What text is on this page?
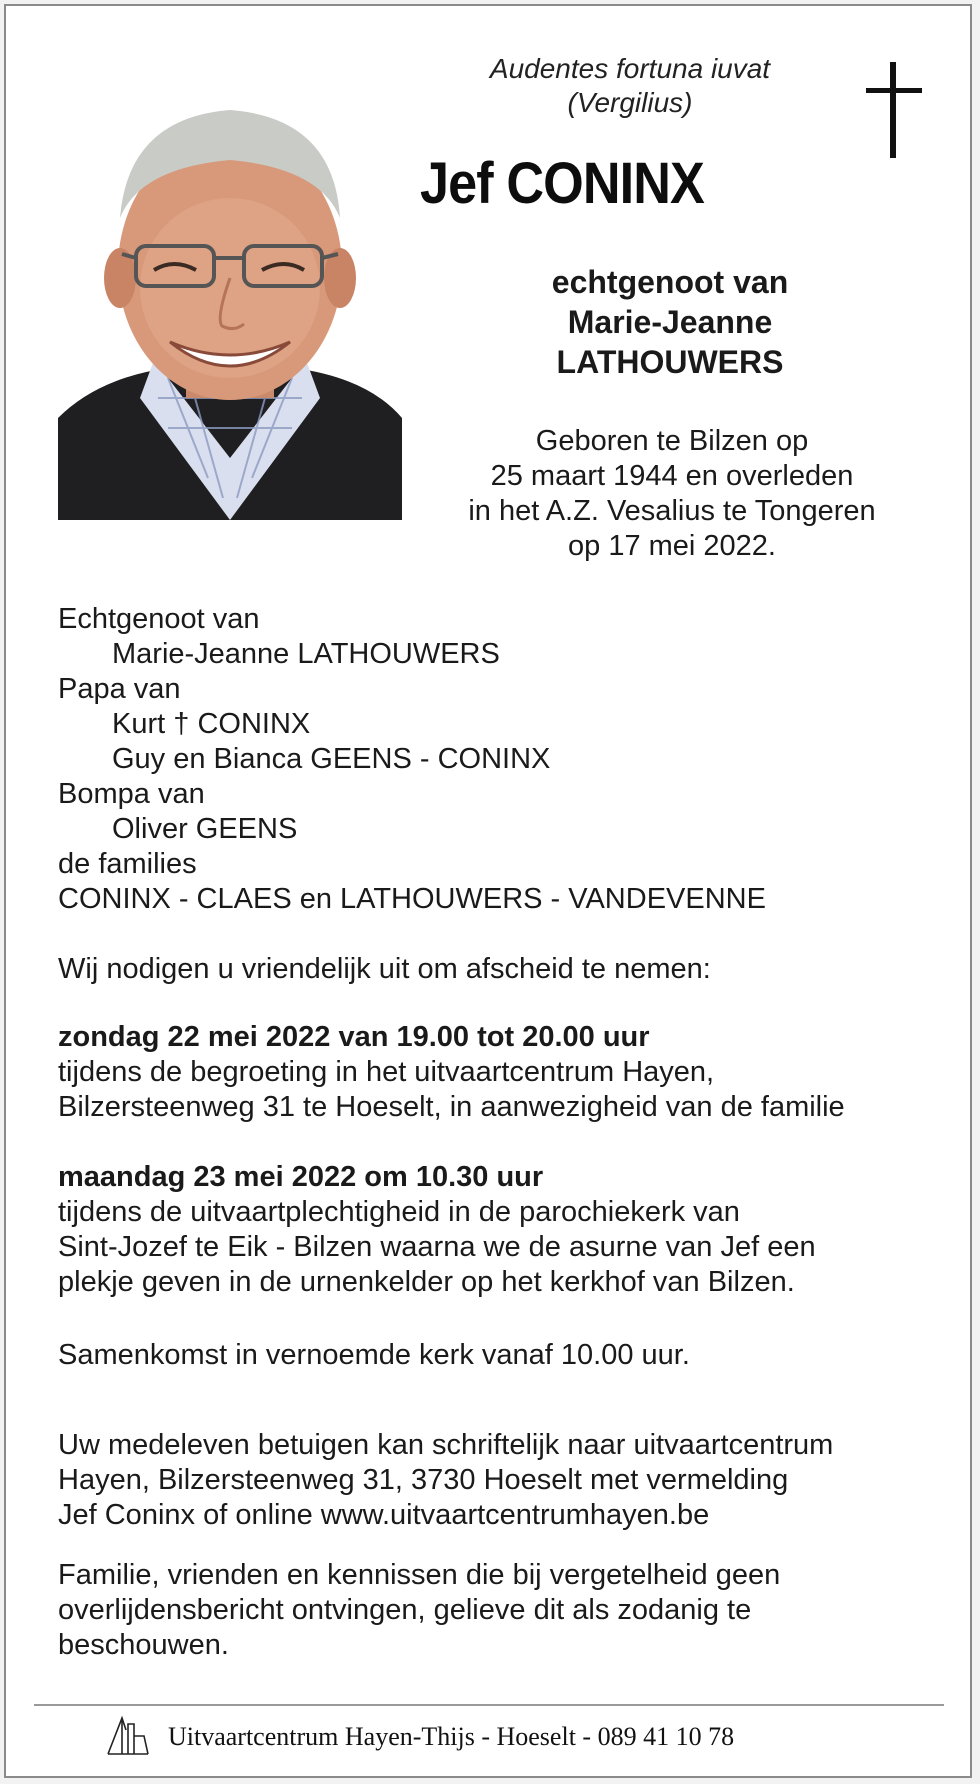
Audentes fortuna iuvat
(Vergilius)
Jef CONINX
echtgenoot van
Marie-Jeanne
LATHOUWERS
Geboren te Bilzen op
25 maart 1944 en overleden
in het A.Z. Vesalius te Tongeren
op 17 mei 2022.
Echtgenoot van
Marie-Jeanne LATHOUWERS
Papa van
Kurt † CONINX
Guy en Bianca GEENS - CONINX
Bompa van
Oliver GEENS
de families
CONINX - CLAES en LATHOUWERS - VANDEVENNE
Wij nodigen u vriendelijk uit om afscheid te nemen:
zondag 22 mei 2022 van 19.00 tot 20.00 uur
tijdens de begroeting in het uitvaartcentrum Hayen,
Bilzersteenweg 31 te Hoeselt, in aanwezigheid van de familie
maandag 23 mei 2022 om 10.30 uur
tijdens de uitvaartplechtigheid in de parochiekerk van
Sint-Jozef te Eik - Bilzen waarna we de asurne van Jef een
plekje geven in de urnenkelder op het kerkhof van Bilzen.
Samenkomst in vernoemde kerk vanaf 10.00 uur.
Uw medeleven betuigen kan schriftelijk naar uitvaartcentrum
Hayen, Bilzersteenweg 31, 3730 Hoeselt met vermelding
Jef Coninx of online www.uitvaartcentrumhayen.be
Familie, vrienden en kennissen die bij vergetelheid geen
overlijdensbericht ontvingen, gelieve dit als zodanig te
beschouwen.
Uitvaartcentrum Hayen-Thijs - Hoeselt - 089 41 10 78
